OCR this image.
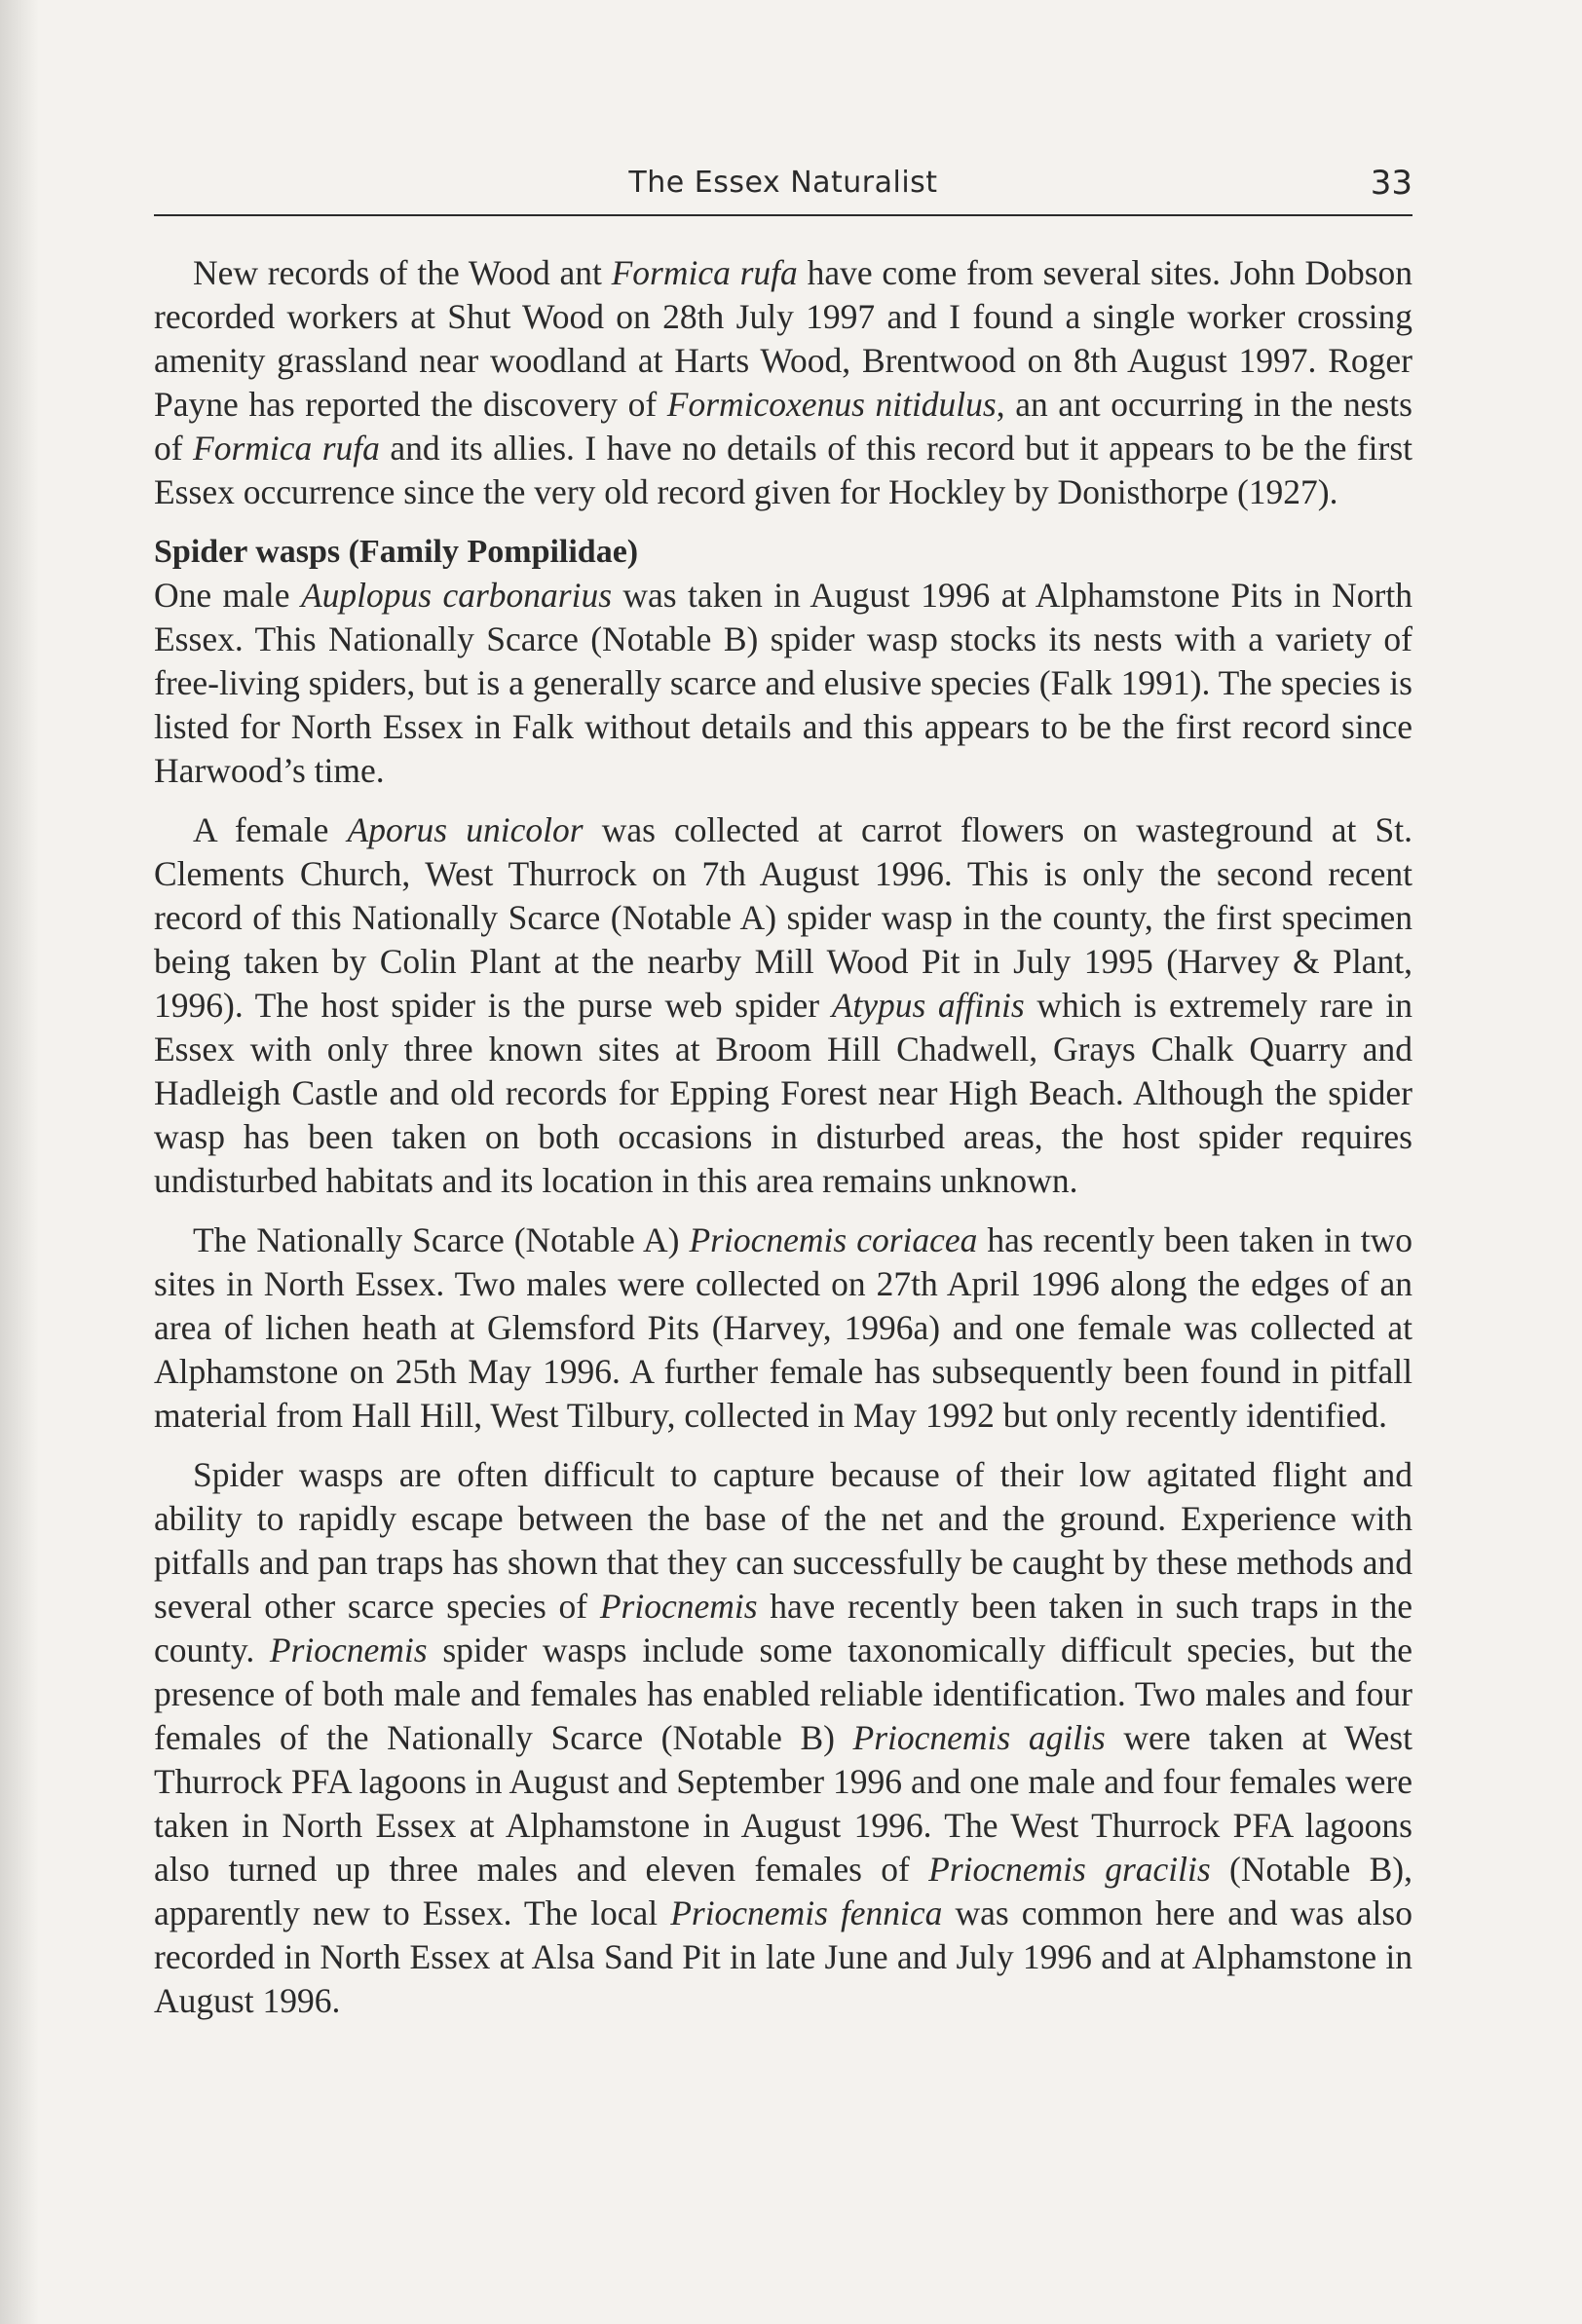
The Essex Naturalist	33

New records of the Wood ant Formica rufa have come from several sites. John Dobson recorded workers at Shut Wood on 28th July 1997 and I found a single worker crossing amenity grassland near woodland at Harts Wood, Brentwood on 8th August 1997. Roger Payne has reported the discovery of Formicoxenus nitidulus, an ant occurring in the nests of Formica rufa and its allies. I have no details of this record but it appears to be the first Essex occurrence since the very old record given for Hockley by Donisthorpe (1927).

Spider wasps (Family Pompilidae)

One male Auplopus carbonarius was taken in August 1996 at Alphamstone Pits in North Essex. This Nationally Scarce (Notable B) spider wasp stocks its nests with a variety of free-living spiders, but is a generally scarce and elusive species (Falk 1991). The species is listed for North Essex in Falk without details and this appears to be the first record since Harwood’s time.

A female Aporus unicolor was collected at carrot flowers on wasteground at St. Clements Church, West Thurrock on 7th August 1996. This is only the second recent record of this Nationally Scarce (Notable A) spider wasp in the county, the first specimen being taken by Colin Plant at the nearby Mill Wood Pit in July 1995 (Harvey & Plant, 1996). The host spider is the purse web spider Atypus affinis which is extremely rare in Essex with only three known sites at Broom Hill Chadwell, Grays Chalk Quarry and Hadleigh Castle and old records for Epping Forest near High Beach. Although the spider wasp has been taken on both occasions in disturbed areas, the host spider requires undisturbed habitats and its location in this area remains unknown.

The Nationally Scarce (Notable A) Priocnemis coriacea has recently been taken in two sites in North Essex. Two males were collected on 27th April 1996 along the edges of an area of lichen heath at Glemsford Pits (Harvey, 1996a) and one female was collected at Alphamstone on 25th May 1996. A further female has subsequently been found in pitfall material from Hall Hill, West Tilbury, collected in May 1992 but only recently identified.

Spider wasps are often difficult to capture because of their low agitated flight and ability to rapidly escape between the base of the net and the ground. Experience with pitfalls and pan traps has shown that they can successfully be caught by these methods and several other scarce species of Priocnemis have recently been taken in such traps in the county. Priocnemis spider wasps include some taxonomically difficult species, but the presence of both male and females has enabled reliable identification. Two males and four females of the Nationally Scarce (Notable B) Priocnemis agilis were taken at West Thurrock PFA lagoons in August and September 1996 and one male and four females were taken in North Essex at Alphamstone in August 1996. The West Thurrock PFA lagoons also turned up three males and eleven females of Priocnemis gracilis (Notable B), apparently new to Essex. The local Priocnemis fennica was common here and was also recorded in North Essex at Alsa Sand Pit in late June and July 1996 and at Alphamstone in August 1996.
